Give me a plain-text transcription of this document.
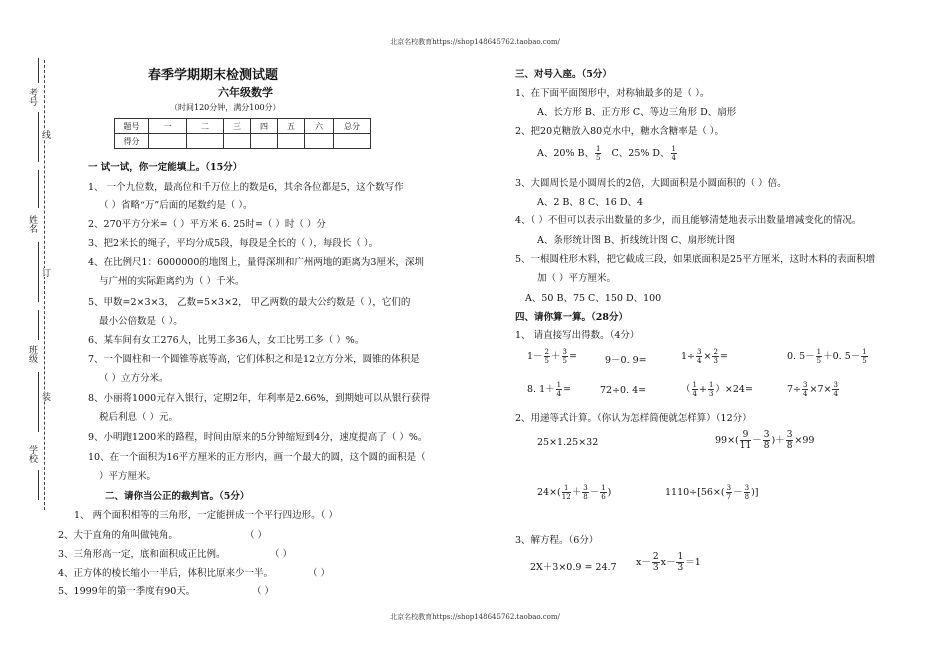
北京名校教育https://shop148645762.taobao.com/
北京名校教育https://shop148645762.taobao.com/
考号
姓名
班级
学校
线
订
装
春季学期期末检测试题
六年级数学
（时间120分钟，满分100分）
题号	一	二	三	四	五	六	总分
得分							
一 试一试，你一定能填上。（15分）
1、 一个九位数，最高位和千万位上的数是6，其余各位都是5，这个数写作
（ ）省略“万”后面的尾数约是（ ）。
2、270平方分米=（ ）平方米 6. 25时=（ ）时（ ）分
3、把2米长的绳子，平均分成5段，每段是全长的（ ），每段长（ ）。
4、在比例尺1：6000000的地图上，量得深圳和广州两地的距离为3厘米，深圳
与广州的实际距离约为（ ）千米。
5、甲数=2×3×3， 乙数=5×3×2， 甲乙两数的最大公约数是（ ），它们的
最小公倍数是（ ）。
6、某车间有女工276人，比男工多36人，女工比男工多（ ）%。
7、一个圆柱和一个圆锥等底等高，它们体积之和是12立方分米，圆锥的体积是
（ ）立方分米。
8、小丽将1000元存入银行，定期2年，年利率是2.66%，到期她可以从银行获得
税后利息（ ）元。
9、小明跑1200米的路程，时间由原来的5分钟缩短到4分，速度提高了（ ）%。
10、在一个面积为16平方厘米的正方形内，画一个最大的圆，这个圆的面积是（
）平方厘米。
二、请你当公正的裁判官。（5分）
1、 两个面积相等的三角形，一定能拼成一个平行四边形。（ ）
2、大于直角的角叫做钝角。	（ ）
3、三角形高一定，底和面积成正比例。	（ ）
4、正方体的棱长缩小一半后，体积比原来少一半。	（ ）
5、1999年的第一季度有90天。	（ ）
三、对号入座。（5分）
1、在下面平面图形中，对称轴最多的是（ ）。
A、长方形 B、正方形 C、等边三角形 D、扇形
2、把20克糖放入80克水中，糖水含糖率是（ ）。
A、20% B、 $\frac{1}{5}$ C、25% D、 $\frac{1}{4}$
3、大圆周长是小圆周长的2倍，大圆面积是小圆面积的（ ）倍。
A、2 B、8 C、16 D、4
4、（ ）不但可以表示出数量的多少，而且能够清楚地表示出数量增减变化的情况。
A、条形统计图 B、折线统计图 C、扇形统计图
5、一根圆柱形木料，把它截成三段，如果底面积是25平方厘米，这时木料的表面积增
加（ ）平方厘米。
A、50 B、75 C、150 D、100
四、请你算一算。（28分）
1、 请直接写出得数。（4分）
$1- \frac{2}{5} + \frac{3}{5}$ =	9－0. 9=	$1\div \frac{3}{4} \times \frac{2}{3}$ =	0. $5- \frac{1}{5} +0$. $5- \frac{1}{5}$
8. $1+ \frac{1}{4}$ =	72÷0. 4=	（ $\frac{1}{4} + \frac{1}{3} )\times 24=$	$7\div \frac{3}{4} \times 7\times \frac{3}{4}$
2、用递等式计算。（你认为怎样简便就怎样算）（12分）
25×1.25×32	$99\times( \frac{9}{11} - \frac{3}{8}$ )＋ $\frac{3}{8} \times 99$
$24\times( \frac{1}{12} + \frac{3}{8} - \frac{1}{6}$ )	$1110\div[56\times( \frac{3}{7} - \frac{3}{8}$ )]
3、解方程。（6分）
2X＋3×0.9 = 24.7 $x- \frac{2}{3} x- \frac{1}{3} =1$
